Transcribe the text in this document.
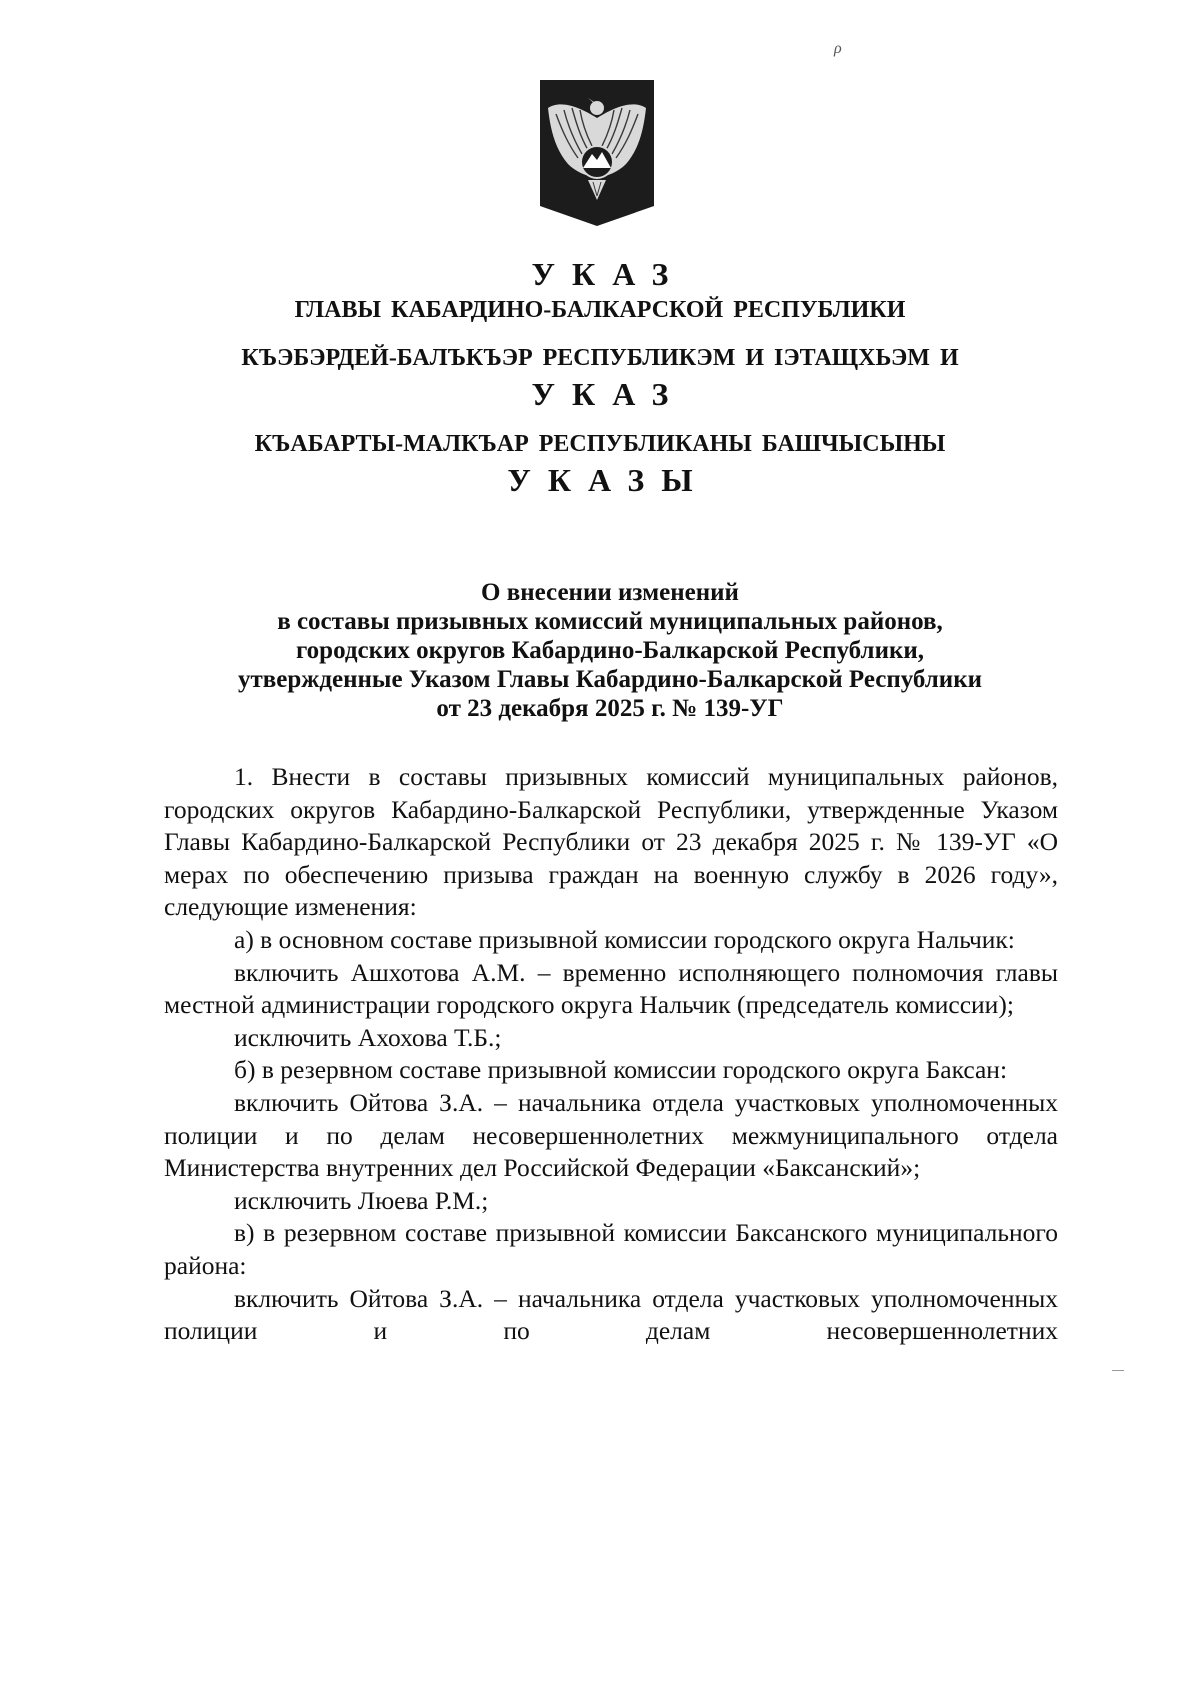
ρ

УКАЗ

ГЛАВЫ КАБАРДИНО-БАЛКАРСКОЙ РЕСПУБЛИКИ

КЪЭБЭРДЕЙ-БАЛЪКЪЭР РЕСПУБЛИКЭМ И ІЭТАЩХЬЭМ И

УКАЗ

КЪАБАРТЫ-МАЛКЪАР РЕСПУБЛИКАНЫ БАШЧЫСЫНЫ

УКАЗЫ

О внесении изменений
в составы призывных комиссий муниципальных районов,
городских округов Кабардино-Балкарской Республики,
утвержденные Указом Главы Кабардино-Балкарской Республики
от 23 декабря 2025 г. № 139-УГ

1. Внести в составы призывных комиссий муниципальных районов, городских округов Кабардино-Балкарской Республики, утвержденные Указом Главы Кабардино-Балкарской Республики от 23 декабря 2025 г. № 139-УГ «О мерах по обеспечению призыва граждан на военную службу в 2026 году», следующие изменения:

а) в основном составе призывной комиссии городского округа Нальчик:

включить Ашхотова А.М. – временно исполняющего полномочия главы местной администрации городского округа Нальчик (председатель комиссии);

исключить Ахохова Т.Б.;

б) в резервном составе призывной комиссии городского округа Баксан:

включить Ойтова З.А. – начальника отдела участковых уполномоченных полиции и по делам несовершеннолетних межмуниципального отдела Министерства внутренних дел Российской Федерации «Баксанский»;

исключить Люева Р.М.;

в) в резервном составе призывной комиссии Баксанского муниципального района:

включить Ойтова З.А. – начальника отдела участковых уполномоченных полиции и по делам несовершеннолетних
